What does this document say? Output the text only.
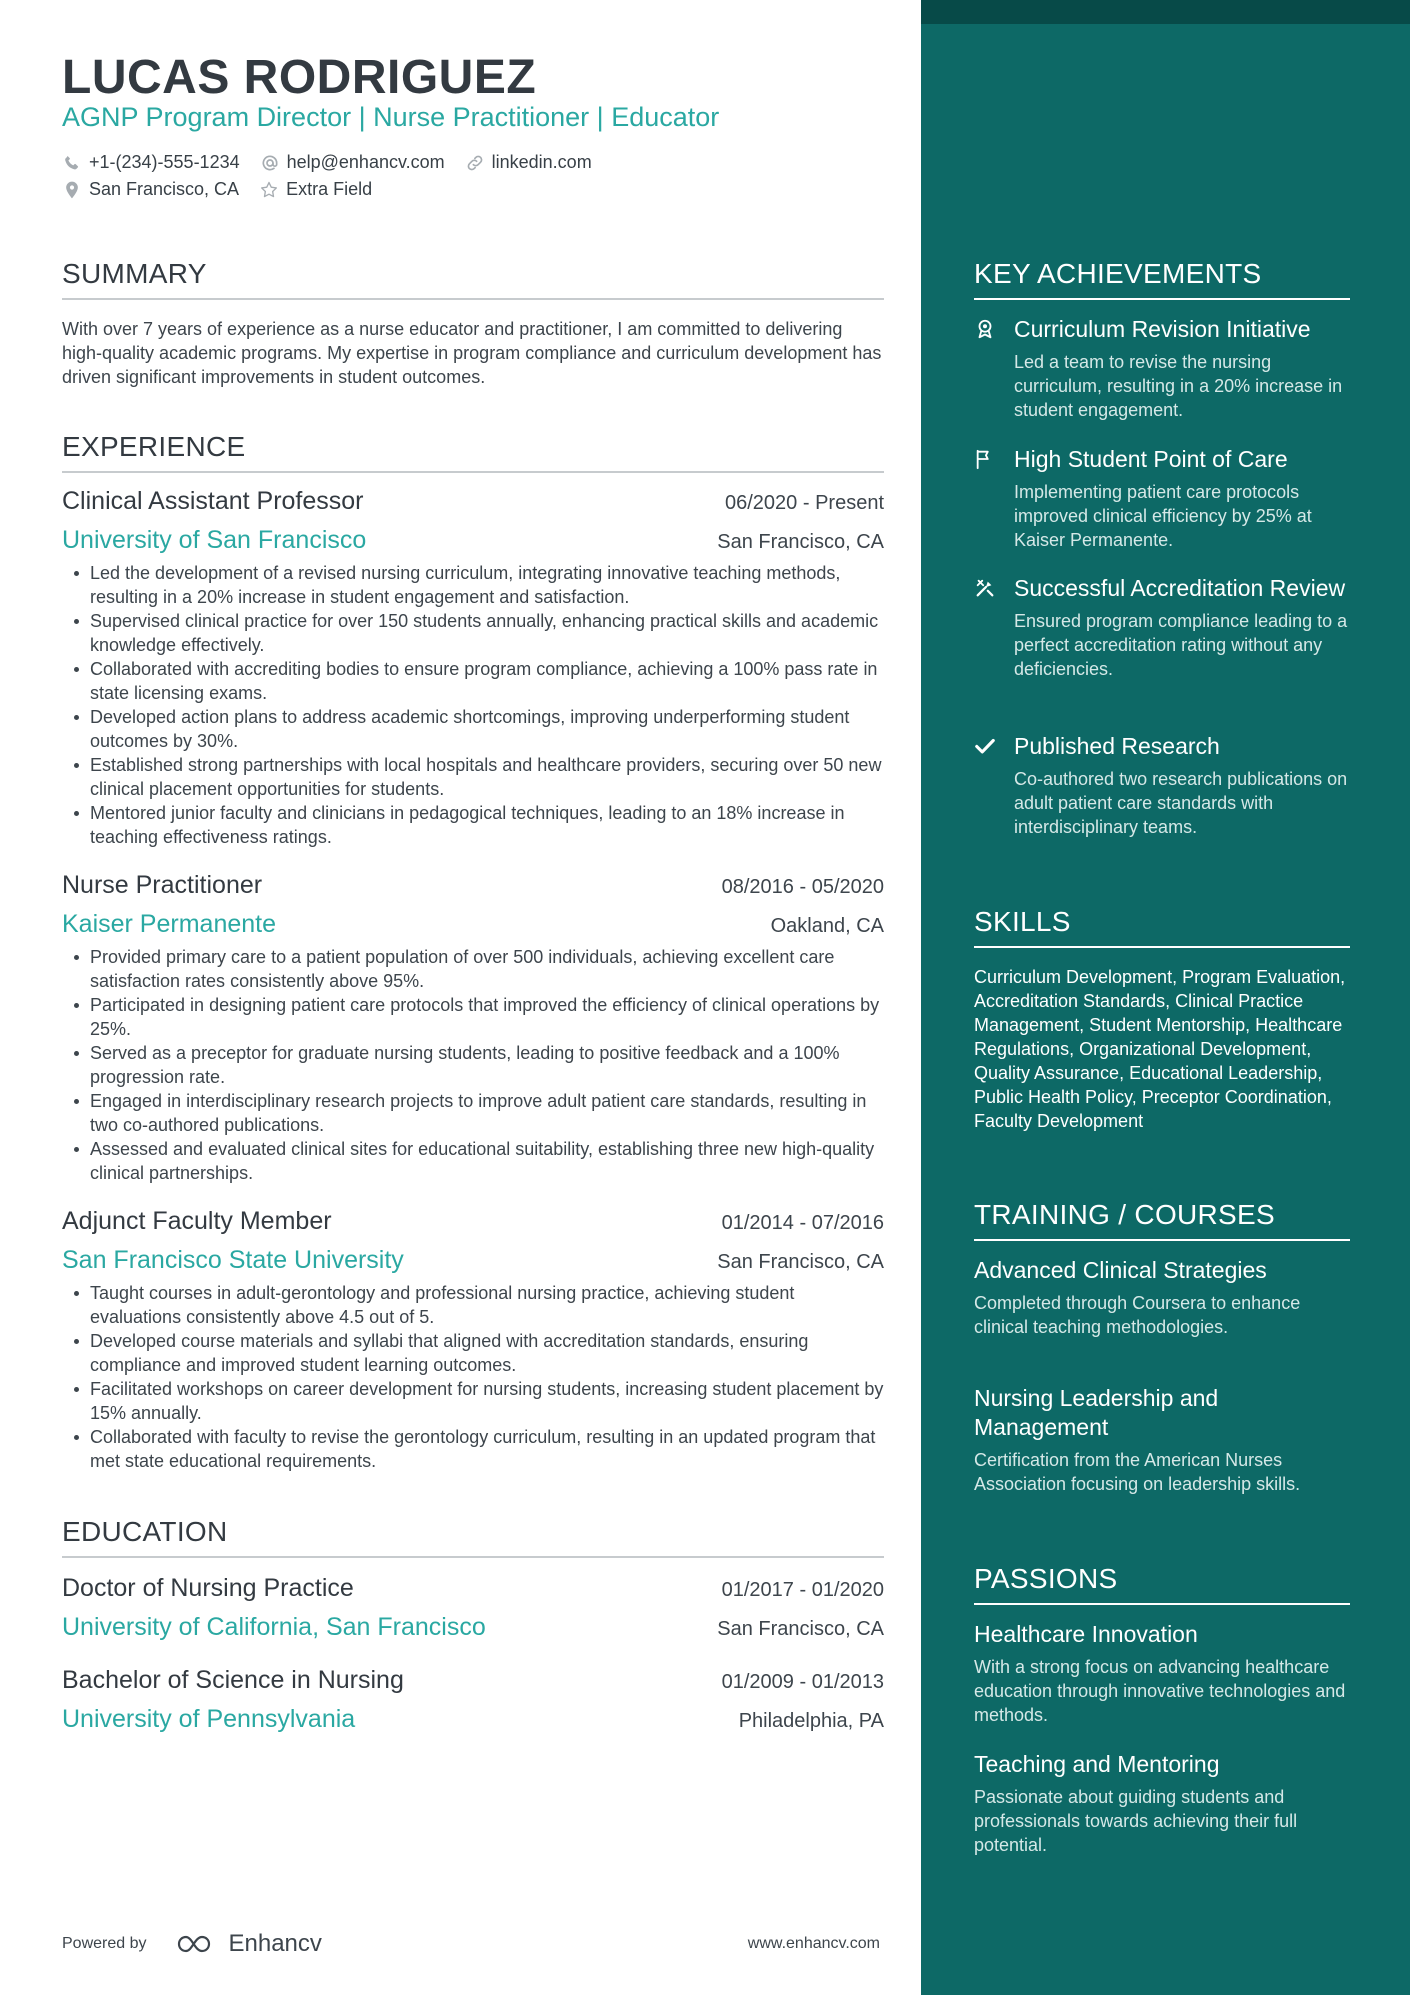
LUCAS RODRIGUEZ
AGNP Program Director | Nurse Practitioner | Educator
+1-(234)-555-1234	help@enhancv.com	linkedin.com
San Francisco, CA	Extra Field
SUMMARY
With over 7 years of experience as a nurse educator and practitioner, I am committed to delivering high-quality academic programs. My expertise in program compliance and curriculum development has driven significant improvements in student outcomes.
EXPERIENCE
Clinical Assistant Professor	06/2020 - Present
University of San Francisco	San Francisco, CA
Led the development of a revised nursing curriculum, integrating innovative teaching methods, resulting in a 20% increase in student engagement and satisfaction.
Supervised clinical practice for over 150 students annually, enhancing practical skills and academic knowledge effectively.
Collaborated with accrediting bodies to ensure program compliance, achieving a 100% pass rate in state licensing exams.
Developed action plans to address academic shortcomings, improving underperforming student outcomes by 30%.
Established strong partnerships with local hospitals and healthcare providers, securing over 50 new clinical placement opportunities for students.
Mentored junior faculty and clinicians in pedagogical techniques, leading to an 18% increase in teaching effectiveness ratings.
Nurse Practitioner	08/2016 - 05/2020
Kaiser Permanente	Oakland, CA
Provided primary care to a patient population of over 500 individuals, achieving excellent care satisfaction rates consistently above 95%.
Participated in designing patient care protocols that improved the efficiency of clinical operations by 25%.
Served as a preceptor for graduate nursing students, leading to positive feedback and a 100% progression rate.
Engaged in interdisciplinary research projects to improve adult patient care standards, resulting in two co-authored publications.
Assessed and evaluated clinical sites for educational suitability, establishing three new high-quality clinical partnerships.
Adjunct Faculty Member	01/2014 - 07/2016
San Francisco State University	San Francisco, CA
Taught courses in adult-gerontology and professional nursing practice, achieving student evaluations consistently above 4.5 out of 5.
Developed course materials and syllabi that aligned with accreditation standards, ensuring compliance and improved student learning outcomes.
Facilitated workshops on career development for nursing students, increasing student placement by 15% annually.
Collaborated with faculty to revise the gerontology curriculum, resulting in an updated program that met state educational requirements.
EDUCATION
Doctor of Nursing Practice	01/2017 - 01/2020
University of California, San Francisco	San Francisco, CA
Bachelor of Science in Nursing	01/2009 - 01/2013
University of Pennsylvania	Philadelphia, PA
Powered by	Enhancv	www.enhancv.com
KEY ACHIEVEMENTS
Curriculum Revision Initiative
Led a team to revise the nursing curriculum, resulting in a 20% increase in student engagement.
High Student Point of Care
Implementing patient care protocols improved clinical efficiency by 25% at Kaiser Permanente.
Successful Accreditation Review
Ensured program compliance leading to a perfect accreditation rating without any deficiencies.
Published Research
Co-authored two research publications on adult patient care standards with interdisciplinary teams.
SKILLS
Curriculum Development, Program Evaluation, Accreditation Standards, Clinical Practice Management, Student Mentorship, Healthcare Regulations, Organizational Development, Quality Assurance, Educational Leadership, Public Health Policy, Preceptor Coordination, Faculty Development
TRAINING / COURSES
Advanced Clinical Strategies
Completed through Coursera to enhance clinical teaching methodologies.
Nursing Leadership and Management
Certification from the American Nurses Association focusing on leadership skills.
PASSIONS
Healthcare Innovation
With a strong focus on advancing healthcare education through innovative technologies and methods.
Teaching and Mentoring
Passionate about guiding students and professionals towards achieving their full potential.
